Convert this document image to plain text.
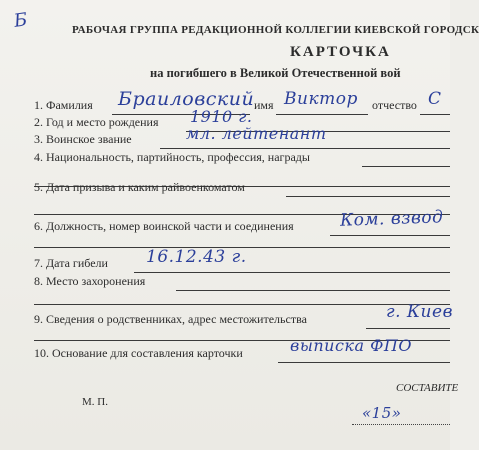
Б	РАБОЧАЯ ГРУППА РЕДАКЦИОННОЙ КОЛЛЕГИИ КИЕВСКОЙ ГОРОДСК
КАРТОЧКА
на погибшего в Великой Отечественной вой
1. Фамилия Браиловский имя Виктор отчество С
2. Год и место рождения 1910 г.
3. Воинское звание	мл. лейтенант
4. Национальность, партийность, профессия, награды
5. Дата призыва и каким райвоенкоматом
6. Должность, номер воинской части и соединения	Ком. взвод
7. Дата гибели 16.12.43 г.
8. Место захоронения
9. Сведения о родственниках, адрес местожительства	г. Киев
10. Основание для составления карточки	выписка ФПО
М. П.
СОСТАВИТЕ
«15»
